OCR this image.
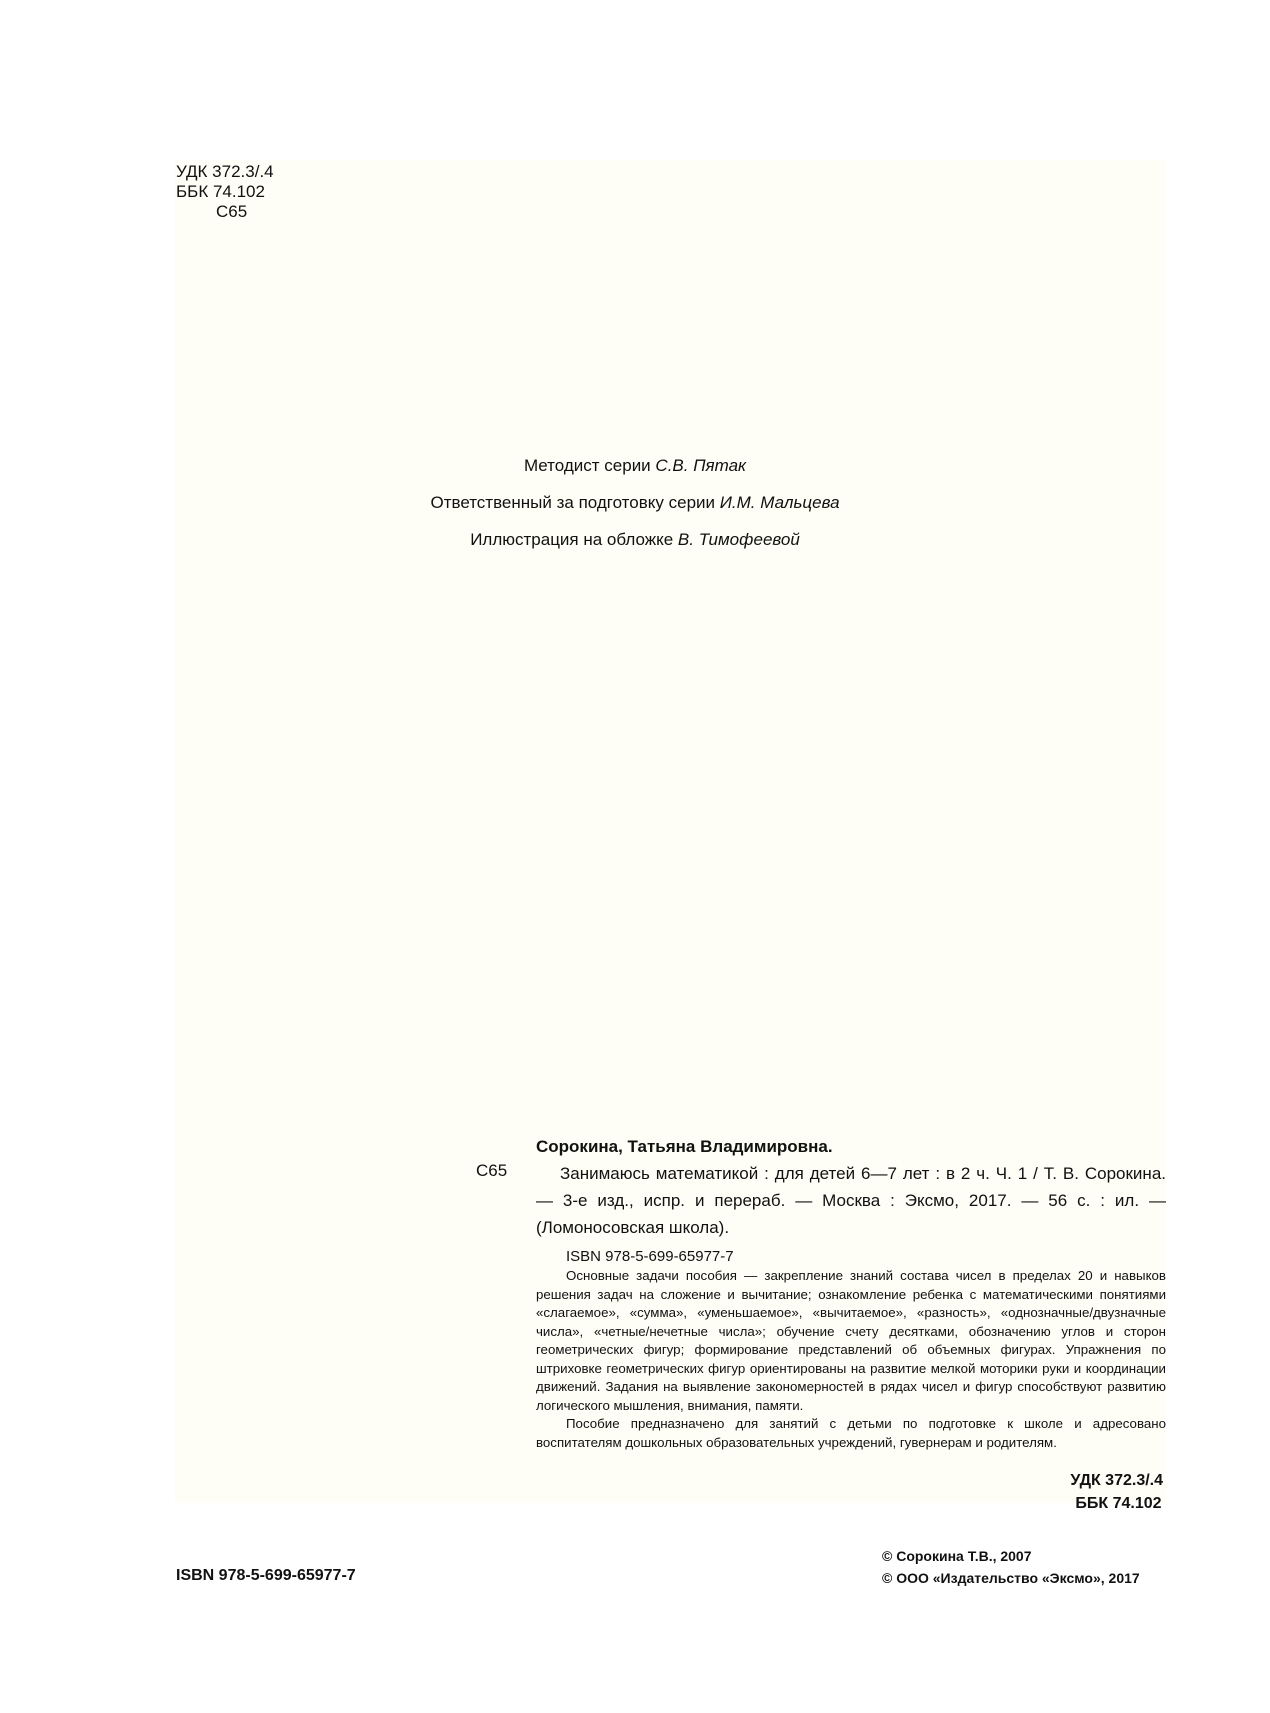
УДК 372.3/.4
ББК 74.102
С65
Методист серии С.В. Пятак
Ответственный за подготовку серии И.М. Мальцева
Иллюстрация на обложке В. Тимофеевой
С65
Сорокина, Татьяна Владимировна.
Занимаюсь математикой : для детей 6—7 лет : в 2 ч. Ч. 1 / Т. В. Сорокина. — 3-е изд., испр. и перераб. — Москва : Эксмо, 2017. — 56 с. : ил. — (Ломоносовская школа).
ISBN 978-5-699-65977-7

Основные задачи пособия — закрепление знаний состава чисел в пределах 20 и навыков решения задач на сложение и вычитание; ознакомление ребенка с математическими понятиями «слагаемое», «сумма», «уменьшаемое», «вычитаемое», «разность», «однозначные/двузначные числа», «четные/нечетные числа»; обучение счету десятками, обозначению углов и сторон геометрических фигур; формирование представлений об объемных фигурах. Упражнения по штриховке геометрических фигур ориентированы на развитие мелкой моторики руки и координации движений. Задания на выявление закономерностей в рядах чисел и фигур способствуют развитию логического мышления, внимания, памяти.

Пособие предназначено для занятий с детьми по подготовке к школе и адресовано воспитателям дошкольных образовательных учреждений, гувернерам и родителям.

УДК 372.3/.4
ББК 74.102
ISBN 978-5-699-65977-7
© Сорокина Т.В., 2007
© ООО «Издательство «Эксмо», 2017
